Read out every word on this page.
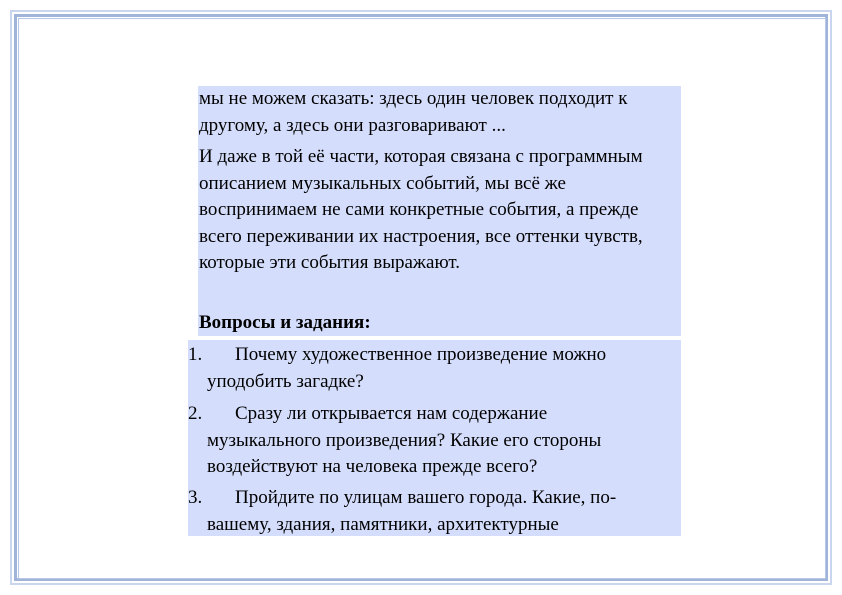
мы не можем сказать: здесь один человек подходит к другому, а здесь они разговаривают ...

И даже в той её части, которая связана с программным описанием музыкальных событий, мы всё же воспринимаем не сами конкретные события, а прежде всего переживании их настроения, все оттенки чувств, которые эти события выражают.

Вопросы и задания:
1. Почему художественное произведение можно
уподобить загадке?
2. Сразу ли открывается нам содержание
музыкального произведения? Какие его стороны воздействуют на человека прежде всего?
3. Пройдите по улицам вашего города. Какие, по-
вашему, здания, памятники, архитектурные
